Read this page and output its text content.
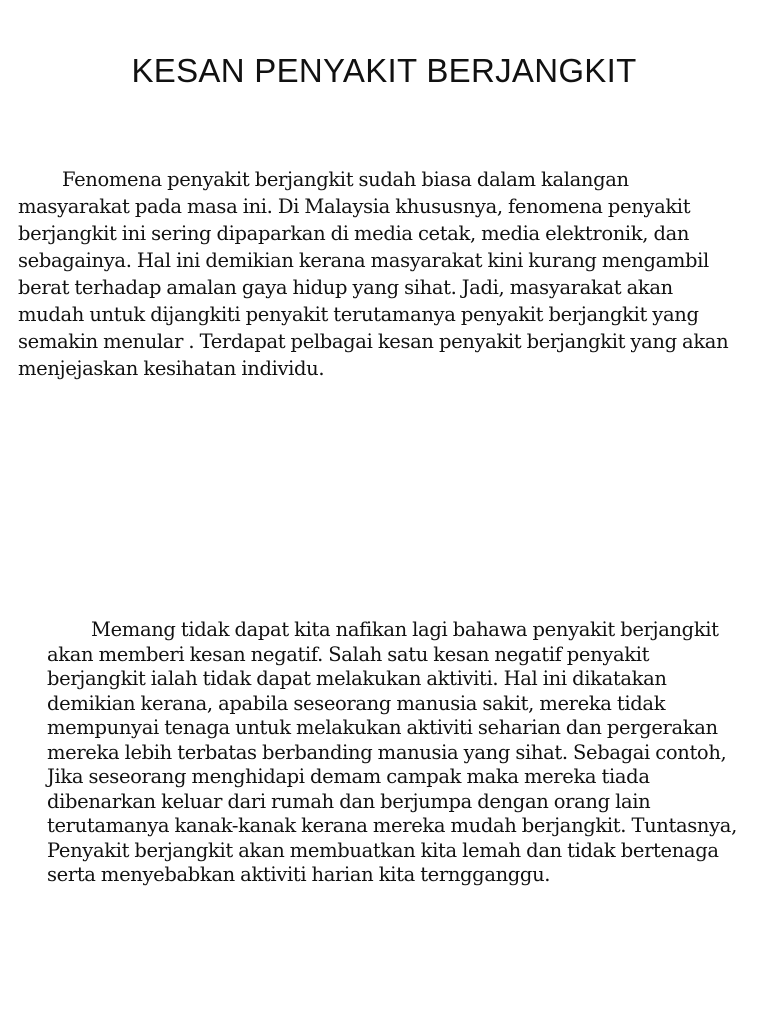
KESAN PENYAKIT BERJANGKIT

Fenomena penyakit berjangkit sudah biasa dalam kalangan masyarakat pada masa ini. Di Malaysia khususnya, fenomena penyakit berjangkit ini sering dipaparkan di media cetak, media elektronik, dan sebagainya. Hal ini demikian kerana masyarakat kini kurang mengambil berat terhadap amalan gaya hidup yang sihat. Jadi, masyarakat akan mudah untuk dijangkiti penyakit terutamanya penyakit berjangkit yang semakin menular . Terdapat pelbagai kesan penyakit berjangkit yang akan menjejaskan kesihatan individu.

Memang tidak dapat kita nafikan lagi bahawa penyakit berjangkit akan memberi kesan negatif. Salah satu kesan negatif penyakit berjangkit ialah tidak dapat melakukan aktiviti. Hal ini dikatakan demikian kerana, apabila seseorang manusia sakit, mereka tidak mempunyai tenaga untuk melakukan aktiviti seharian dan pergerakan mereka lebih terbatas berbanding manusia yang sihat. Sebagai contoh, Jika seseorang menghidapi demam campak maka mereka tiada dibenarkan keluar dari rumah dan berjumpa dengan orang lain terutamanya kanak-kanak kerana mereka mudah berjangkit. Tuntasnya, Penyakit berjangkit akan membuatkan kita lemah dan tidak bertenaga serta menyebabkan aktiviti harian kita terngganggu.
